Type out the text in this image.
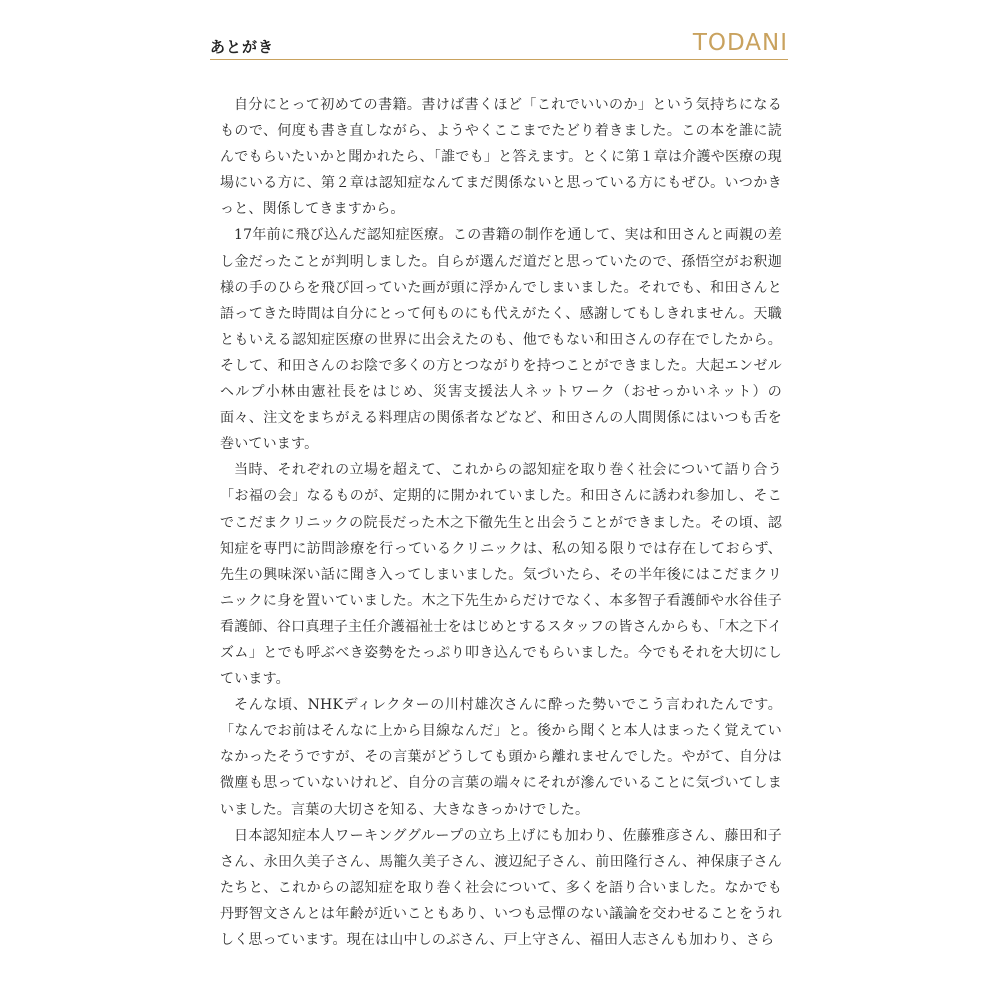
あとがき	TODANI

自分にとって初めての書籍。書けば書くほど「これでいいのか」という気持ちになるもので、何度も書き直しながら、ようやくここまでたどり着きました。この本を誰に読んでもらいたいかと聞かれたら、「誰でも」と答えます。とくに第１章は介護や医療の現場にいる方に、第２章は認知症なんてまだ関係ないと思っている方にもぜひ。いつかきっと、関係してきますから。

17年前に飛び込んだ認知症医療。この書籍の制作を通して、実は和田さんと両親の差し金だったことが判明しました。自らが選んだ道だと思っていたので、孫悟空がお釈迦様の手のひらを飛び回っていた画が頭に浮かんでしまいました。それでも、和田さんと語ってきた時間は自分にとって何ものにも代えがたく、感謝してもしきれません。天職ともいえる認知症医療の世界に出会えたのも、他でもない和田さんの存在でしたから。そして、和田さんのお陰で多くの方とつながりを持つことができました。大起エンゼルヘルプ小林由憲社長をはじめ、災害支援法人ネットワーク（おせっかいネット）の面々、注文をまちがえる料理店の関係者などなど、和田さんの人間関係にはいつも舌を巻いています。

当時、それぞれの立場を超えて、これからの認知症を取り巻く社会について語り合う「お福の会」なるものが、定期的に開かれていました。和田さんに誘われ参加し、そこでこだまクリニックの院長だった木之下徹先生と出会うことができました。その頃、認知症を専門に訪問診療を行っているクリニックは、私の知る限りでは存在しておらず、先生の興味深い話に聞き入ってしまいました。気づいたら、その半年後にはこだまクリニックに身を置いていました。木之下先生からだけでなく、本多智子看護師や水谷佳子看護師、谷口真理子主任介護福祉士をはじめとするスタッフの皆さんからも、「木之下イズム」とでも呼ぶべき姿勢をたっぷり叩き込んでもらいました。今でもそれを大切にしています。

そんな頃、NHKディレクターの川村雄次さんに酔った勢いでこう言われたんです。「なんでお前はそんなに上から目線なんだ」と。後から聞くと本人はまったく覚えていなかったそうですが、その言葉がどうしても頭から離れませんでした。やがて、自分は微塵も思っていないけれど、自分の言葉の端々にそれが滲んでいることに気づいてしまいました。言葉の大切さを知る、大きなきっかけでした。

日本認知症本人ワーキンググループの立ち上げにも加わり、佐藤雅彦さん、藤田和子さん、永田久美子さん、馬籠久美子さん、渡辺紀子さん、前田隆行さん、神保康子さんたちと、これからの認知症を取り巻く社会について、多くを語り合いました。なかでも丹野智文さんとは年齢が近いこともあり、いつも忌憚のない議論を交わせることをうれしく思っています。現在は山中しのぶさん、戸上守さん、福田人志さんも加わり、さら
